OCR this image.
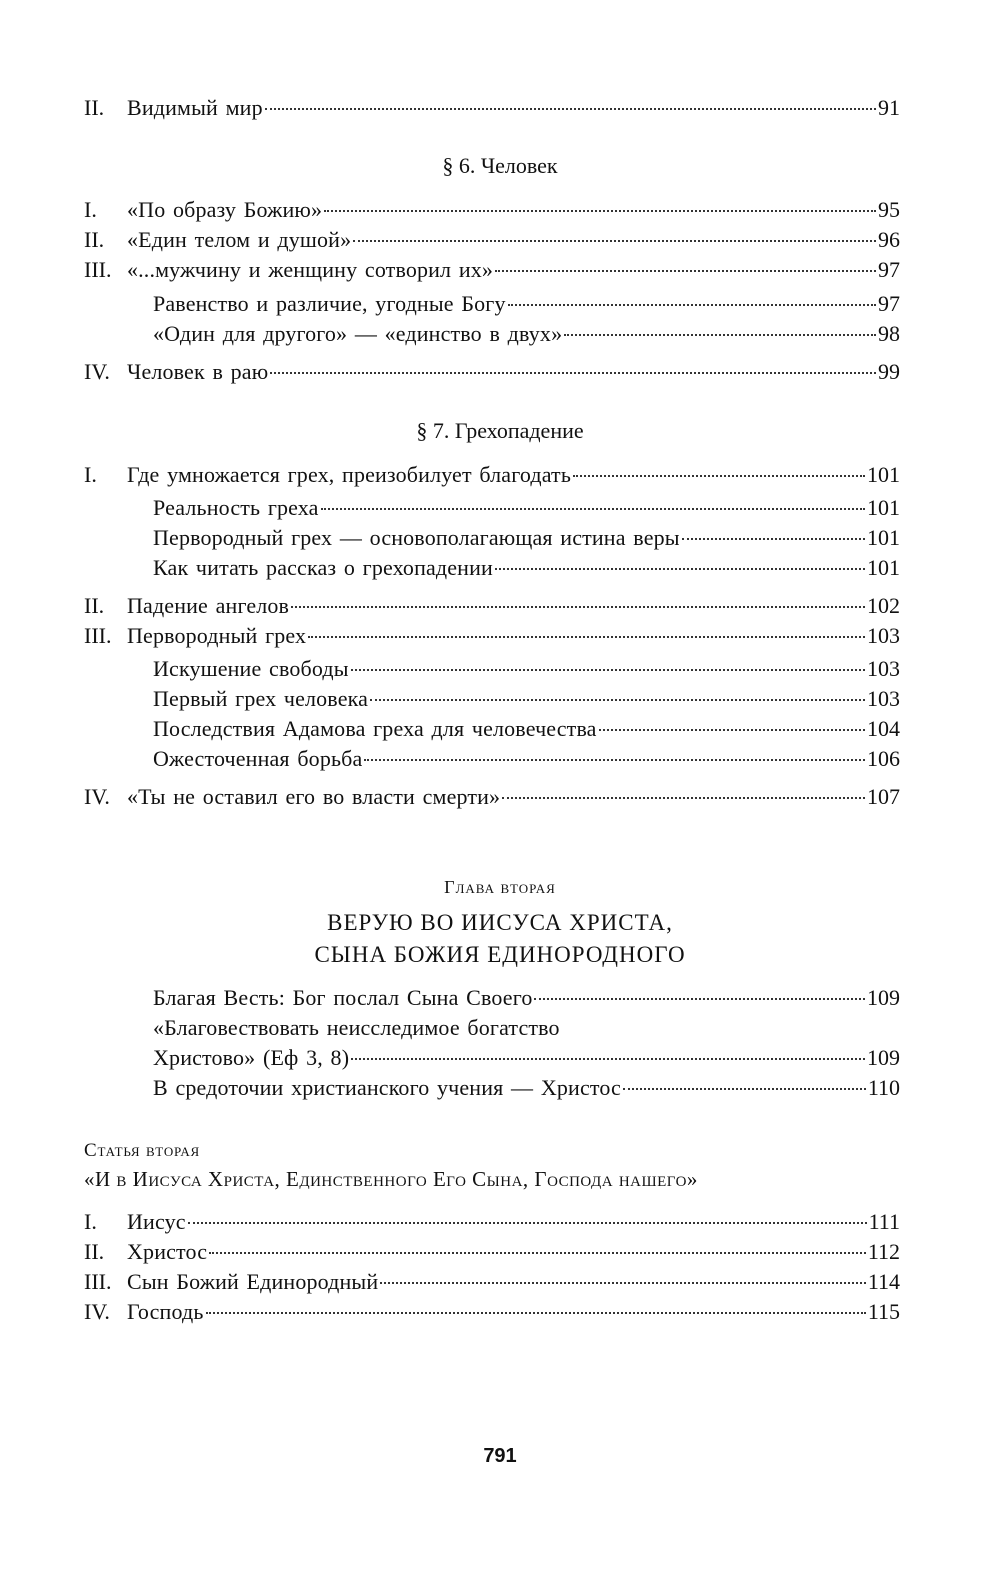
II.	Видимый мир	91
§ 6. Человек
I.	«По образу Божию»	95
II.	«Един телом и душой»	96
III. «...мужчину и женщину сотворил их»	97
Равенство и различие, угодные Богу	97
«Один для другого» — «единство в двух»	98
IV. Человек в раю	99
§ 7. Грехопадение
I.	Где умножается грех, преизобилует благодать	101
Реальность греха	101
Первородный грех — основополагающая истина веры	101
Как читать рассказ о грехопадении	101
II.	Падение ангелов	102
III. Первородный грех	103
Искушение свободы	103
Первый грех человека	103
Последствия Адамова греха для человечества	104
Ожесточенная борьба	106
IV. «Ты не оставил его во власти смерти»	107
Глава вторая
ВЕРУЮ ВО ИИСУСА ХРИСТА,
СЫНА БОЖИЯ ЕДИНОРОДНОГО
Благая Весть: Бог послал Сына Своего	109
«Благовествовать неисследимое богатство
Христово» (Еф 3, 8)	109
В средоточии христианского учения — Христос	110
Статья вторая
«И в Иисуса Христа, Единственного Его Сына, Господа нашего»
I.	Иисус	111
II.	Христос	112
III. Сын Божий Единородный	114
IV. Господь	115
791
